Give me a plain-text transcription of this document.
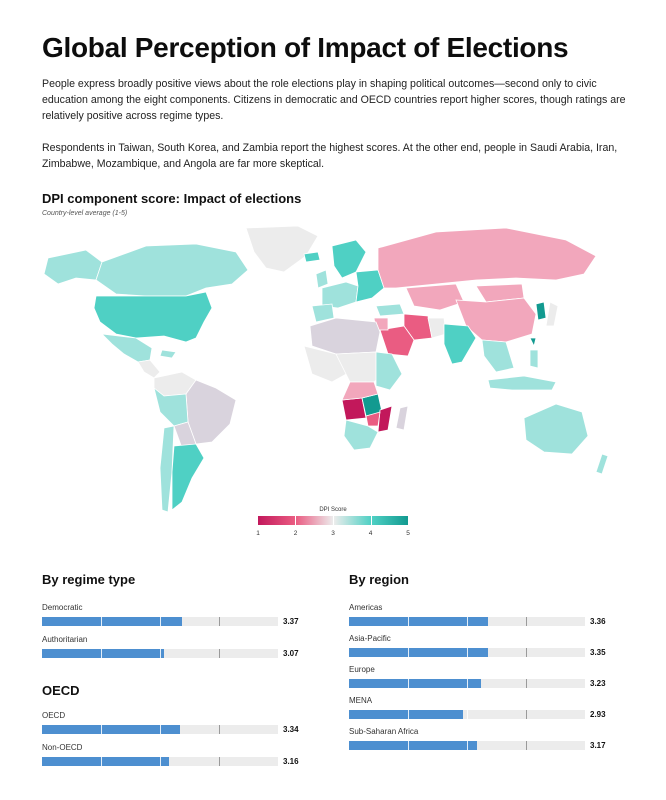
Global Perception of Impact of Elections

People express broadly positive views about the role elections play in shaping political outcomes—second only to civic education among the eight components. Citizens in democratic and OECD countries report higher scores, though ratings are relatively positive across regime types.

Respondents in Taiwan, South Korea, and Zambia report the highest scores. At the other end, people in Saudi Arabia, Iran, Zimbabwe, Mozambique, and Angola are far more skeptical.

DPI component score: Impact of elections
Country-level average (1-5)
DPI Score
1	2	3	4	5
By regime type
Democratic
3.37
Authoritarian
3.07
OECD
OECD
3.34
Non-OECD
3.16
By region
Americas
3.36
Asia-Pacific
3.35
Europe
3.23
MENA
2.93
Sub-Saharan Africa
3.17
